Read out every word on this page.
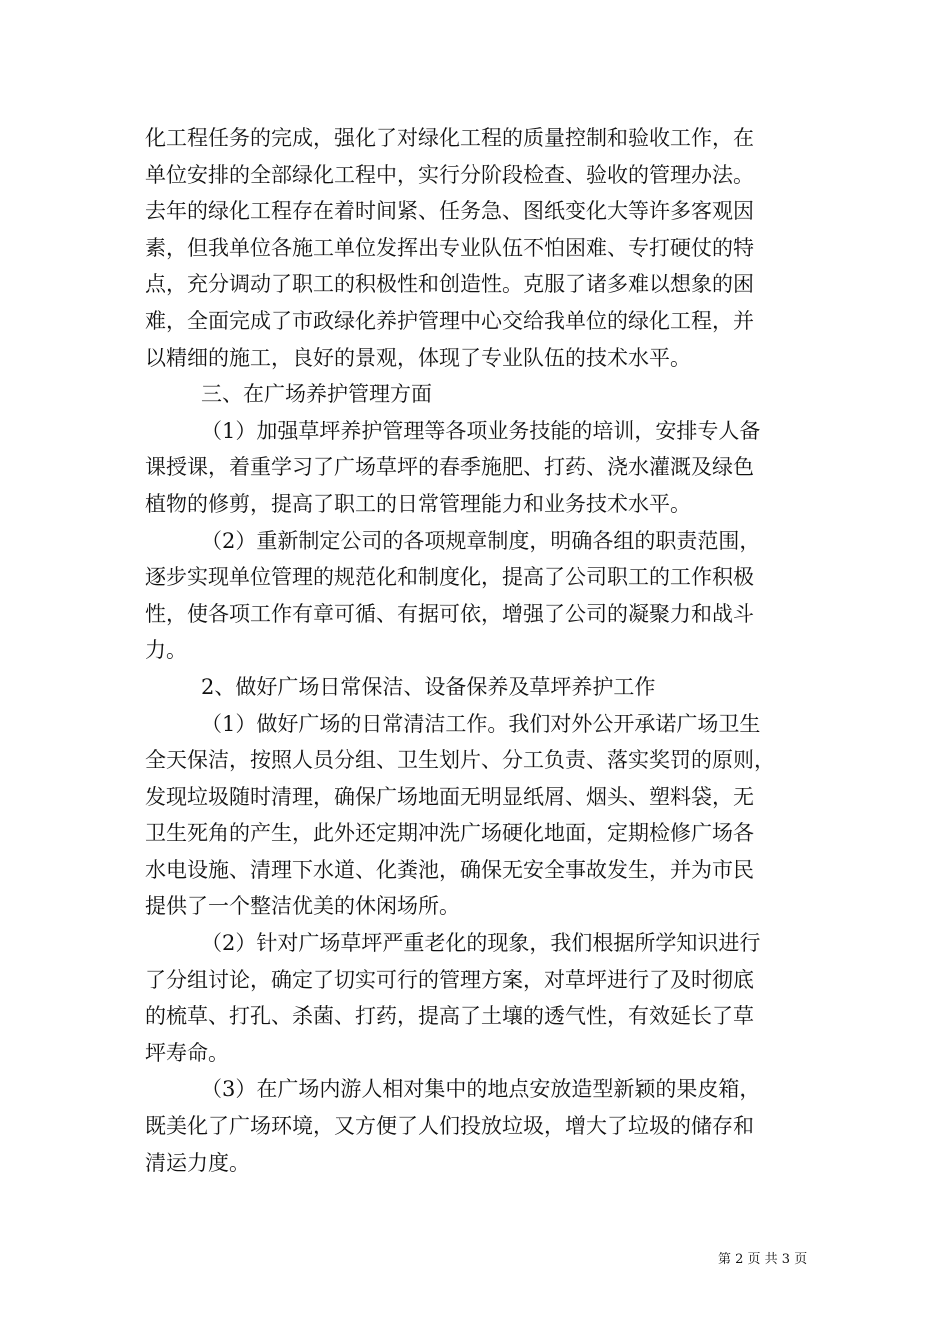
化工程任务的完成，强化了对绿化工程的质量控制和验收工作，在
单位安排的全部绿化工程中，实行分阶段检查、验收的管理办法。
去年的绿化工程存在着时间紧、任务急、图纸变化大等许多客观因
素，但我单位各施工单位发挥出专业队伍不怕困难、专打硬仗的特
点，充分调动了职工的积极性和创造性。克服了诸多难以想象的困
难，全面完成了市政绿化养护管理中心交给我单位的绿化工程，并
以精细的施工，良好的景观，体现了专业队伍的技术水平。
三、在广场养护管理方面
（1）加强草坪养护管理等各项业务技能的培训，安排专人备
课授课，着重学习了广场草坪的春季施肥、打药、浇水灌溉及绿色
植物的修剪，提高了职工的日常管理能力和业务技术水平。
（2）重新制定公司的各项规章制度，明确各组的职责范围，
逐步实现单位管理的规范化和制度化，提高了公司职工的工作积极
性，使各项工作有章可循、有据可依，增强了公司的凝聚力和战斗
力。
2、做好广场日常保洁、设备保养及草坪养护工作
（1）做好广场的日常清洁工作。我们对外公开承诺广场卫生
全天保洁，按照人员分组、卫生划片、分工负责、落实奖罚的原则，
发现垃圾随时清理，确保广场地面无明显纸屑、烟头、塑料袋，无
卫生死角的产生，此外还定期冲洗广场硬化地面，定期检修广场各
水电设施、清理下水道、化粪池，确保无安全事故发生，并为市民
提供了一个整洁优美的休闲场所。
（2）针对广场草坪严重老化的现象，我们根据所学知识进行
了分组讨论，确定了切实可行的管理方案，对草坪进行了及时彻底
的梳草、打孔、杀菌、打药，提高了土壤的透气性，有效延长了草
坪寿命。
（3）在广场内游人相对集中的地点安放造型新颖的果皮箱，
既美化了广场环境，又方便了人们投放垃圾，增大了垃圾的储存和
清运力度。
第 2 页 共 3 页
